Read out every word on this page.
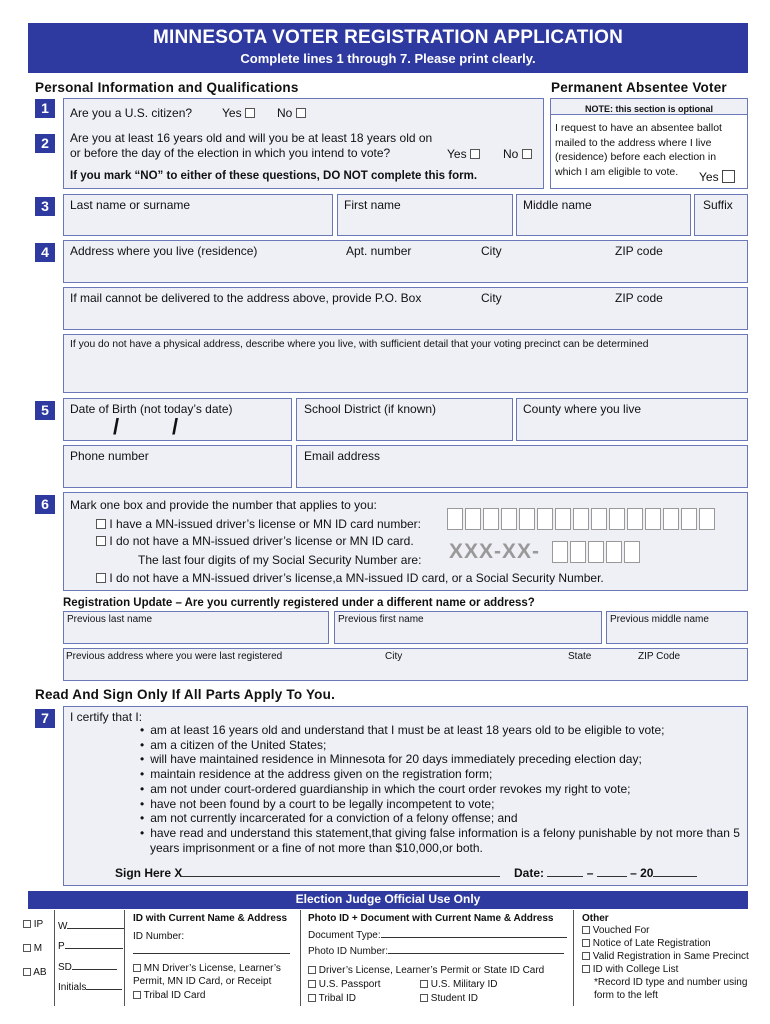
MINNESOTA VOTER REGISTRATION APPLICATION
Complete lines 1 through 7. Please print clearly.
Personal Information and Qualifications	Permanent Absentee Voter
1	Are you a U.S. citizen? Yes	No
2	Are you at least 16 years old and will you be at least 18 years old on or before the day of the election in which you intend to vote?	Yes	No
If you mark “NO” to either of these questions, DO NOT complete this form.
NOTE: this section is optional
I request to have an absentee ballot mailed to the address where I live (residence) before each election in which I am eligible to vote.	Yes
3	Last name or surname	First name	Middle name	Suffix
4	Address where you live (residence)	Apt. number	City	ZIP code
If mail cannot be delivered to the address above, provide P.O. Box	City	ZIP code
If you do not have a physical address, describe where you live, with sufficient detail that your voting precinct can be determined
5	Date of Birth (not today’s date)
/ /
School District (if known)	County where you live
Phone number	Email address
6	Mark one box and provide the number that applies to you:
I have a MN-issued driver’s license or MN ID card number:
I do not have a MN-issued driver’s license or MN ID card.
The last four digits of my Social Security Number are: XXX-XX-
I do not have a MN-issued driver’s license,a MN-issued ID card, or a Social Security Number.
Registration Update – Are you currently registered under a different name or address?
Previous last name	Previous first name	Previous middle name
Previous address where you were last registered	City	State	ZIP Code
Read And Sign Only If All Parts Apply To You.
7	I certify that I:
• am at least 16 years old and understand that I must be at least 18 years old to be eligible to vote;
• am a citizen of the United States;
• will have maintained residence in Minnesota for 20 days immediately preceding election day;
• maintain residence at the address given on the registration form;
• am not under court-ordered guardianship in which the court order revokes my right to vote;
• have not been found by a court to be legally incompetent to vote;
• am not currently incarcerated for a conviction of a felony offense; and
• have read and understand this statement,that giving false information is a felony punishable by not more than 5 years imprisonment or a fine of not more than $10,000,or both.
Sign Here X	Date:	–	– 20
Election Judge Official Use Only
IP
M
AB
W
P
SD
Initials
ID with Current Name & Address
ID Number:
MN Driver’s License, Learner’s Permit, MN ID Card, or Receipt
Tribal ID Card
Photo ID + Document with Current Name & Address
Document Type:
Photo ID Number:
Driver’s License, Learner’s Permit or State ID Card
U.S. Passport	U.S. Military ID
Tribal ID	Student ID
Other
Vouched For
Notice of Late Registration
Valid Registration in Same Precinct
ID with College List
*Record ID type and number using form to the left
